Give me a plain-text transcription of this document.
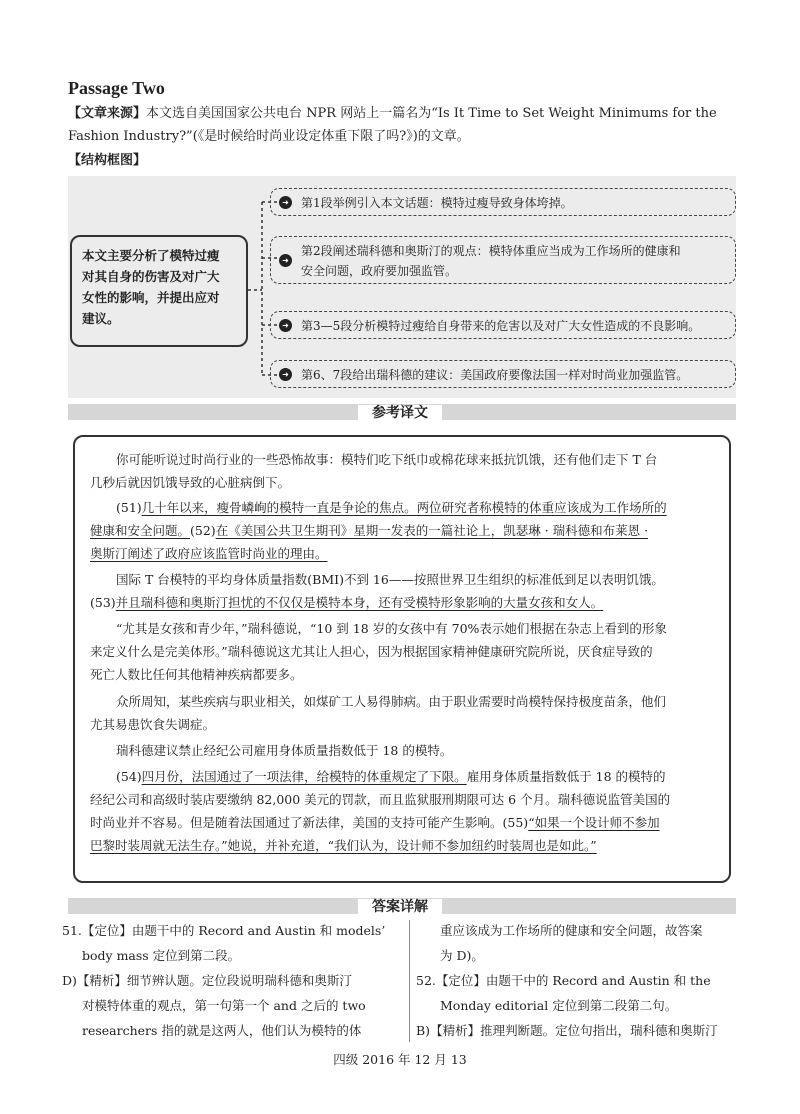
Passage Two
【文章来源】本文选自美国国家公共电台 NPR 网站上一篇名为“Is It Time to Set Weight Minimums for the
Fashion Industry?”(《是时候给时尚业设定体重下限了吗?》)的文章。
【结构框图】
本文主要分析了模特过瘦
对其自身的伤害及对广大
女性的影响，并提出应对
建议。
➜ 第1段举例引入本文话题：模特过瘦导致身体垮掉。
➜
第2段阐述瑞科德和奥斯汀的观点：模特体重应当成为工作场所的健康和
安全问题，政府要加强监管。
➜ 第3—5段分析模特过瘦给自身带来的危害以及对广大女性造成的不良影响。
➜ 第6、7段给出瑞科德的建议：美国政府要像法国一样对时尚业加强监管。
参考译文
你可能听说过时尚行业的一些恐怖故事：模特们吃下纸巾或棉花球来抵抗饥饿，还有他们走下 T 台
几秒后就因饥饿导致的心脏病倒下。
(51)几十年以来，瘦骨嶙峋的模特一直是争论的焦点。两位研究者称模特的体重应该成为工作场所的
健康和安全问题。(52)在《美国公共卫生期刊》星期一发表的一篇社论上，凯瑟琳 · 瑞科德和布莱恩 ·
奥斯汀阐述了政府应该监管时尚业的理由。
国际 T 台模特的平均身体质量指数(BMI)不到 16——按照世界卫生组织的标准低到足以表明饥饿。
(53)并且瑞科德和奥斯汀担忧的不仅仅是模特本身，还有受模特形象影响的大量女孩和女人。
“尤其是女孩和青少年，”瑞科德说，“10 到 18 岁的女孩中有 70%表示她们根据在杂志上看到的形象
来定义什么是完美体形。”瑞科德说这尤其让人担心，因为根据国家精神健康研究院所说，厌食症导致的
死亡人数比任何其他精神疾病都要多。
众所周知，某些疾病与职业相关，如煤矿工人易得肺病。由于职业需要时尚模特保持极度苗条，他们
尤其易患饮食失调症。
瑞科德建议禁止经纪公司雇用身体质量指数低于 18 的模特。
(54)四月份，法国通过了一项法律，给模特的体重规定了下限。雇用身体质量指数低于 18 的模特的
经纪公司和高级时装店要缴纳 82,000 美元的罚款，而且监狱服刑期限可达 6 个月。瑞科德说监管美国的
时尚业并不容易。但是随着法国通过了新法律，美国的支持可能产生影响。(55)“如果一个设计师不参加
巴黎时装周就无法生存。”她说，并补充道，“我们认为，设计师不参加纽约时装周也是如此。”
答案详解
51.【定位】由题干中的 Record and Austin 和 models’
body mass 定位到第二段。
D)【精析】细节辨认题。定位段说明瑞科德和奥斯汀
对模特体重的观点，第一句第一个 and 之后的 two
researchers 指的就是这两人，他们认为模特的体
重应该成为工作场所的健康和安全问题，故答案
为 D)。
52.【定位】由题干中的 Record and Austin 和 the
Monday editorial 定位到第二段第二句。
B)【精析】推理判断题。定位句指出，瑞科德和奥斯汀
四级 2016 年 12 月 13
